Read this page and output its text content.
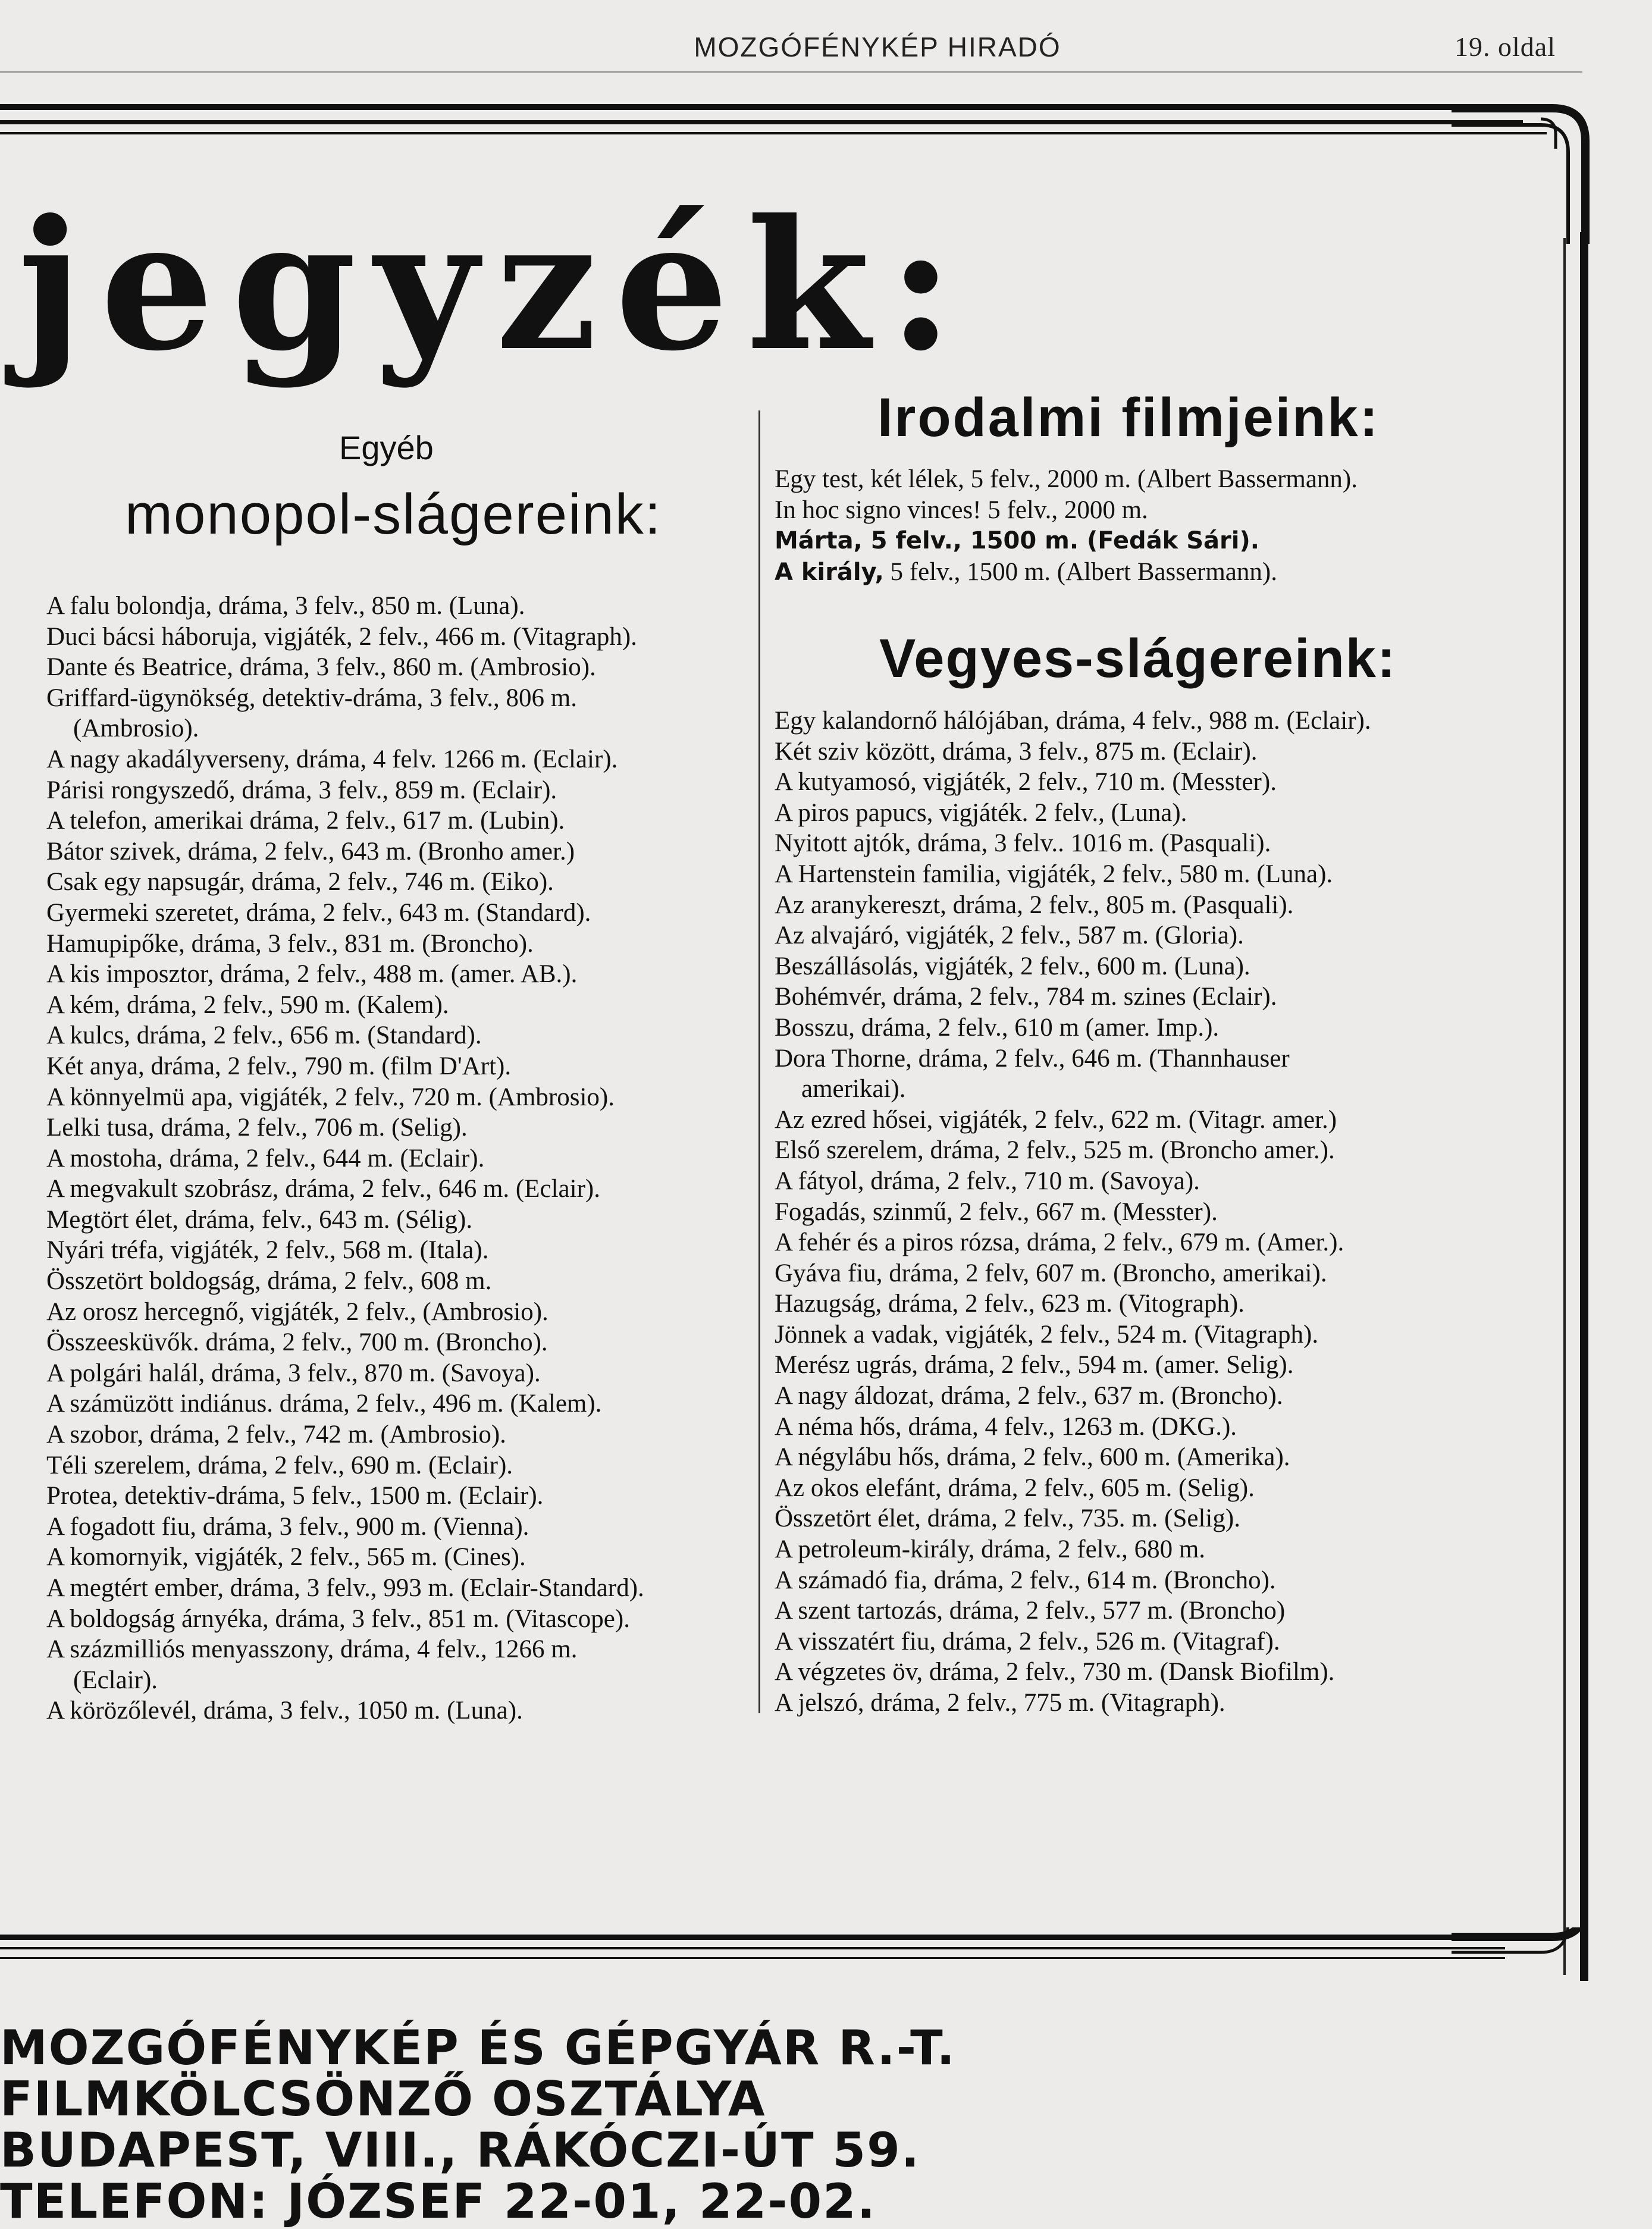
MOZGÓFÉNYKÉP HIRADÓ	19. oldal
jegyzék:
Egyéb
monopol-slágereink:
A falu bolondja, dráma, 3 felv., 850 m. (Luna).
Duci bácsi háboruja, vigjáték, 2 felv., 466 m. (Vitagraph).
Dante és Beatrice, dráma, 3 felv., 860 m. (Ambrosio).
Griffard-ügynökség, detektiv-dráma, 3 felv., 806 m.
(Ambrosio).
A nagy akadályverseny, dráma, 4 felv. 1266 m. (Eclair).
Párisi rongyszedő, dráma, 3 felv., 859 m. (Eclair).
A telefon, amerikai dráma, 2 felv., 617 m. (Lubin).
Bátor szivek, dráma, 2 felv., 643 m. (Bronho amer.)
Csak egy napsugár, dráma, 2 felv., 746 m. (Eiko).
Gyermeki szeretet, dráma, 2 felv., 643 m. (Standard).
Hamupipőke, dráma, 3 felv., 831 m. (Broncho).
A kis imposztor, dráma, 2 felv., 488 m. (amer. AB.).
A kém, dráma, 2 felv., 590 m. (Kalem).
A kulcs, dráma, 2 felv., 656 m. (Standard).
Két anya, dráma, 2 felv., 790 m. (film D'Art).
A könnyelmü apa, vigjáték, 2 felv., 720 m. (Ambrosio).
Lelki tusa, dráma, 2 felv., 706 m. (Selig).
A mostoha, dráma, 2 felv., 644 m. (Eclair).
A megvakult szobrász, dráma, 2 felv., 646 m. (Eclair).
Megtört élet, dráma, felv., 643 m. (Sélig).
Nyári tréfa, vigjáték, 2 felv., 568 m. (Itala).
Összetört boldogság, dráma, 2 felv., 608 m.
Az orosz hercegnő, vigjáték, 2 felv., (Ambrosio).
Összeesküvők. dráma, 2 felv., 700 m. (Broncho).
A polgári halál, dráma, 3 felv., 870 m. (Savoya).
A számüzött indiánus. dráma, 2 felv., 496 m. (Kalem).
A szobor, dráma, 2 felv., 742 m. (Ambrosio).
Téli szerelem, dráma, 2 felv., 690 m. (Eclair).
Protea, detektiv-dráma, 5 felv., 1500 m. (Eclair).
A fogadott fiu, dráma, 3 felv., 900 m. (Vienna).
A komornyik, vigjáték, 2 felv., 565 m. (Cines).
A megtért ember, dráma, 3 felv., 993 m. (Eclair-Standard).
A boldogság árnyéka, dráma, 3 felv., 851 m. (Vitascope).
A százmilliós menyasszony, dráma, 4 felv., 1266 m.
(Eclair).
A körözőlevél, dráma, 3 felv., 1050 m. (Luna).
Irodalmi filmjeink:
Egy test, két lélek, 5 felv., 2000 m. (Albert Bassermann).
In hoc signo vinces! 5 felv., 2000 m.
Márta, 5 felv., 1500 m. (Fedák Sári).
A király, 5 felv., 1500 m. (Albert Bassermann).
Vegyes-slágereink:
Egy kalandornő hálójában, dráma, 4 felv., 988 m. (Eclair).
Két sziv között, dráma, 3 felv., 875 m. (Eclair).
A kutyamosó, vigjáték, 2 felv., 710 m. (Messter).
A piros papucs, vigjáték. 2 felv., (Luna).
Nyitott ajtók, dráma, 3 felv.. 1016 m. (Pasquali).
A Hartenstein familia, vigjáték, 2 felv., 580 m. (Luna).
Az aranykereszt, dráma, 2 felv., 805 m. (Pasquali).
Az alvajáró, vigjáték, 2 felv., 587 m. (Gloria).
Beszállásolás, vigjáték, 2 felv., 600 m. (Luna).
Bohémvér, dráma, 2 felv., 784 m. szines (Eclair).
Bosszu, dráma, 2 felv., 610 m (amer. Imp.).
Dora Thorne, dráma, 2 felv., 646 m. (Thannhauser
amerikai).
Az ezred hősei, vigjáték, 2 felv., 622 m. (Vitagr. amer.)
Első szerelem, dráma, 2 felv., 525 m. (Broncho amer.).
A fátyol, dráma, 2 felv., 710 m. (Savoya).
Fogadás, szinmű, 2 felv., 667 m. (Messter).
A fehér és a piros rózsa, dráma, 2 felv., 679 m. (Amer.).
Gyáva fiu, dráma, 2 felv, 607 m. (Broncho, amerikai).
Hazugság, dráma, 2 felv., 623 m. (Vitograph).
Jönnek a vadak, vigjáték, 2 felv., 524 m. (Vitagraph).
Merész ugrás, dráma, 2 felv., 594 m. (amer. Selig).
A nagy áldozat, dráma, 2 felv., 637 m. (Broncho).
A néma hős, dráma, 4 felv., 1263 m. (DKG.).
A négylábu hős, dráma, 2 felv., 600 m. (Amerika).
Az okos elefánt, dráma, 2 felv., 605 m. (Selig).
Összetört élet, dráma, 2 felv., 735. m. (Selig).
A petroleum-király, dráma, 2 felv., 680 m.
A számadó fia, dráma, 2 felv., 614 m. (Broncho).
A szent tartozás, dráma, 2 felv., 577 m. (Broncho)
A visszatért fiu, dráma, 2 felv., 526 m. (Vitagraf).
A végzetes öv, dráma, 2 felv., 730 m. (Dansk Biofilm).
A jelszó, dráma, 2 felv., 775 m. (Vitagraph).
MOZGÓFÉNYKÉP ÉS GÉPGYÁR R.-T.
FILMKÖLCSÖNZŐ OSZTÁLYA
BUDAPEST, VIII., RÁKÓCZI-ÚT 59.
TELEFON: JÓZSEF 22-01, 22-02.
